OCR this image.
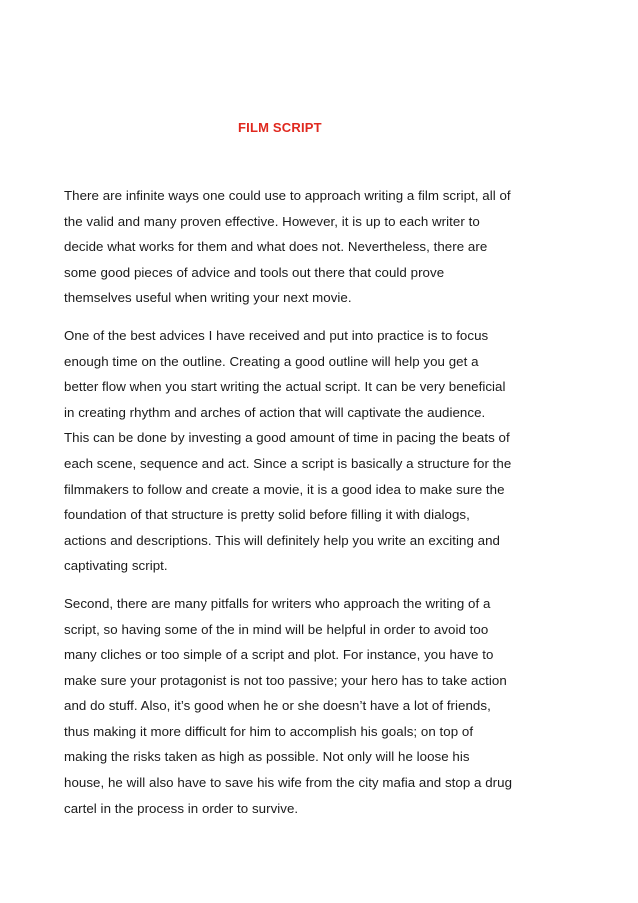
FILM SCRIPT

There are infinite ways one could use to approach writing a film script, all of
the valid and many proven effective. However, it is up to each writer to
decide what works for them and what does not. Nevertheless, there are
some good pieces of advice and tools out there that could prove
themselves useful when writing your next movie.

One of the best advices I have received and put into practice is to focus
enough time on the outline. Creating a good outline will help you get a
better flow when you start writing the actual script. It can be very beneficial
in creating rhythm and arches of action that will captivate the audience.
This can be done by investing a good amount of time in pacing the beats of
each scene, sequence and act. Since a script is basically a structure for the
filmmakers to follow and create a movie, it is a good idea to make sure the
foundation of that structure is pretty solid before filling it with dialogs,
actions and descriptions. This will definitely help you write an exciting and
captivating script.

Second, there are many pitfalls for writers who approach the writing of a
script, so having some of the in mind will be helpful in order to avoid too
many cliches or too simple of a script and plot. For instance, you have to
make sure your protagonist is not too passive; your hero has to take action
and do stuff. Also, it’s good when he or she doesn’t have a lot of friends,
thus making it more difficult for him to accomplish his goals; on top of
making the risks taken as high as possible. Not only will he loose his
house, he will also have to save his wife from the city mafia and stop a drug
cartel in the process in order to survive.
